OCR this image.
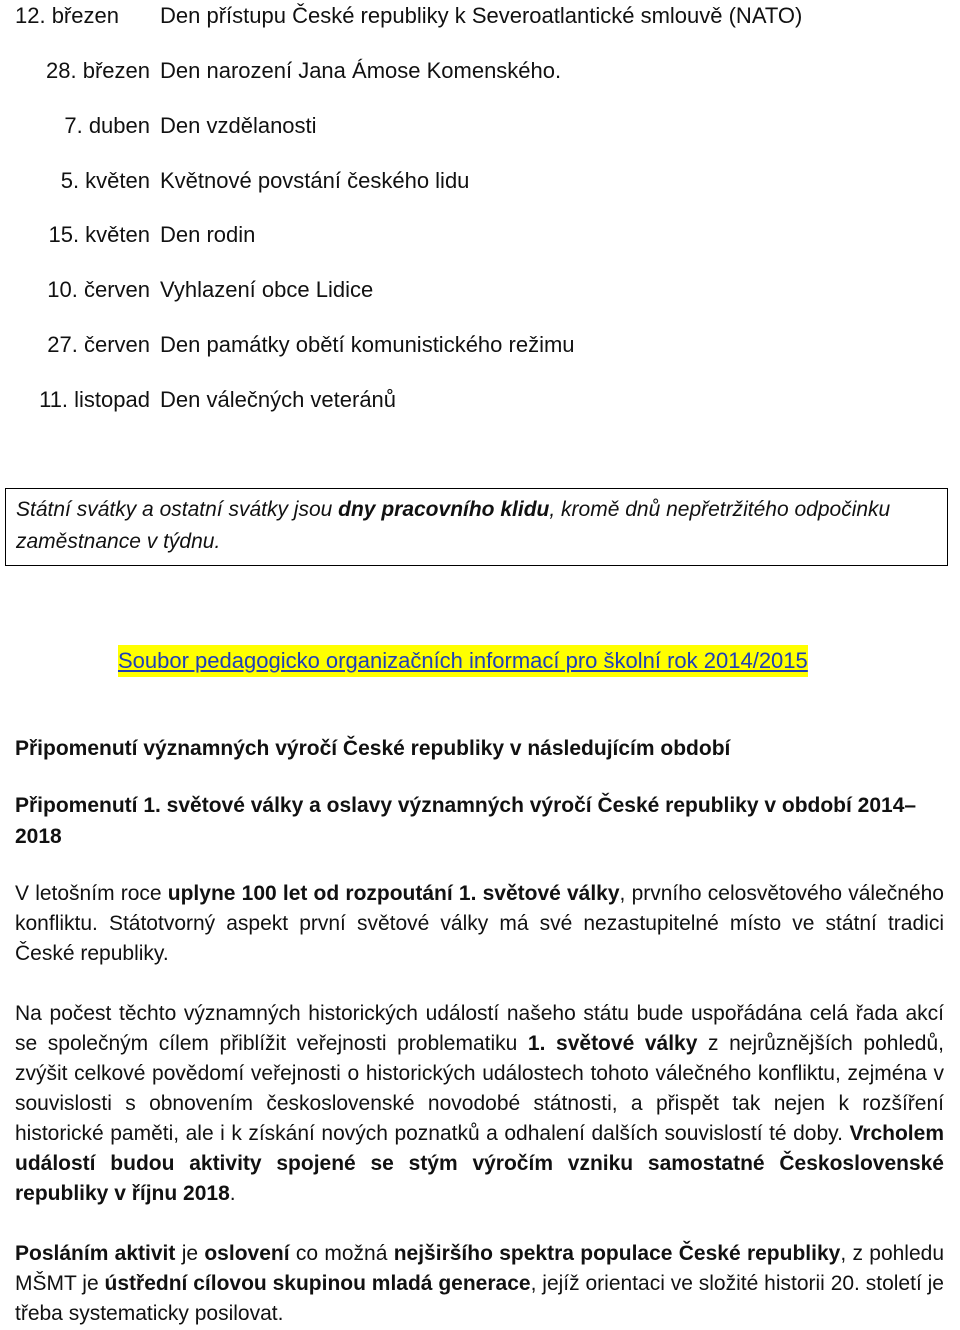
12. březen Den přístupu České republiky k Severoatlantické smlouvě (NATO)
28. březen Den narození Jana Ámose Komenského.
7. duben Den vzdělanosti
5. květen Květnové povstání českého lidu
15. květen Den rodin
10. červen Vyhlazení obce Lidice
27. červen Den památky obětí komunistického režimu
11. listopad Den válečných veteránů
Státní svátky a ostatní svátky jsou dny pracovního klidu, kromě dnů nepřetržitého odpočinku zaměstnance v týdnu.
Soubor pedagogicko organizačních informací pro školní rok 2014/2015
Připomenutí významných výročí České republiky v následujícím období
Připomenutí 1. světové války a oslavy významných výročí České republiky v období 2014– 2018
V letošním roce uplyne 100 let od rozpoutání 1. světové války, prvního celosvětového válečného konfliktu. Státotvorný aspekt první světové války má své nezastupitelné místo ve státní tradici České republiky.
Na počest těchto významných historických událostí našeho státu bude uspořádána celá řada akcí se společným cílem přiblížit veřejnosti problematiku 1. světové války z nejrůznějších pohledů, zvýšit celkové povědomí veřejnosti o historických událostech tohoto válečného konfliktu, zejména v souvislosti s obnovením československé novodobé státnosti, a přispět tak nejen k rozšíření historické paměti, ale i k získání nových poznatků a odhalení dalších souvislostí té doby. Vrcholem událostí budou aktivity spojené se stým výročím vzniku samostatné Československé republiky v říjnu 2018.
Posláním aktivit je oslovení co možná nejširšího spektra populace České republiky, z pohledu MŠMT je ústřední cílovou skupinou mladá generace, jejíž orientaci ve složité historii 20. století je třeba systematicky posilovat.
